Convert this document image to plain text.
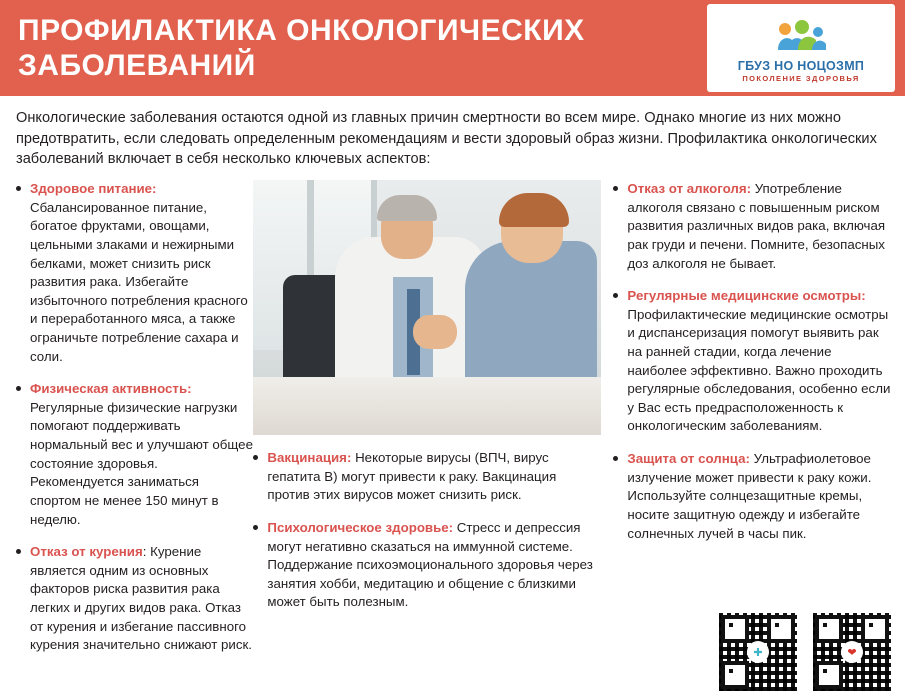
ПРОФИЛАКТИКА ОНКОЛОГИЧЕСКИХ ЗАБОЛЕВАНИЙ	ГБУЗ НО НОЦОЗМП
ПОКОЛЕНИЕ ЗДОРОВЬЯ
Онкологические заболевания остаются одной из главных причин смертности во всем мире. Однако многие из них можно предотвратить, если следовать определенным рекомендациям и вести здоровый образ жизни. Профилактика онкологических заболеваний включает в себя несколько ключевых аспектов:
Здоровое питание: Сбалансированное питание, богатое фруктами, овощами, цельными злаками и нежирными белками, может снизить риск развития рака. Избегайте избыточного потребления красного и переработанного мяса, а также ограничьте потребление сахара и соли.
Физическая активность: Регулярные физические нагрузки помогают поддерживать нормальный вес и улучшают общее состояние здоровья. Рекомендуется заниматься спортом не менее 150 минут в неделю.
Отказ от курения: Курение является одним из основных факторов риска развития рака легких и других видов рака. Отказ от курения и избегание пассивного курения значительно снижают риск.
Вакцинация: Некоторые вирусы (ВПЧ, вирус гепатита В) могут привести к раку. Вакцинация против этих вирусов может снизить риск.
Психологическое здоровье: Стресс и депрессия могут негативно сказаться на иммунной системе. Поддержание психоэмоционального здоровья через занятия хобби, медитацию и общение с близкими может быть полезным.
Отказ от алкоголя: Употребление алкоголя связано с повышенным риском развития различных видов рака, включая рак груди и печени. Помните, безопасных доз алкоголя не бывает.
Регулярные медицинские осмотры: Профилактические медицинские осмотры и диспансеризация помогут выявить рак на ранней стадии, когда лечение наиболее эффективно. Важно проходить регулярные обследования, особенно если у Вас есть предрасположенность к онкологическим заболеваниям.
Защита от солнца: Ультрафиолетовое излучение может привести к раку кожи. Используйте солнцезащитные кремы, носите защитную одежду и избегайте солнечных лучей в часы пик.
✚	❤
